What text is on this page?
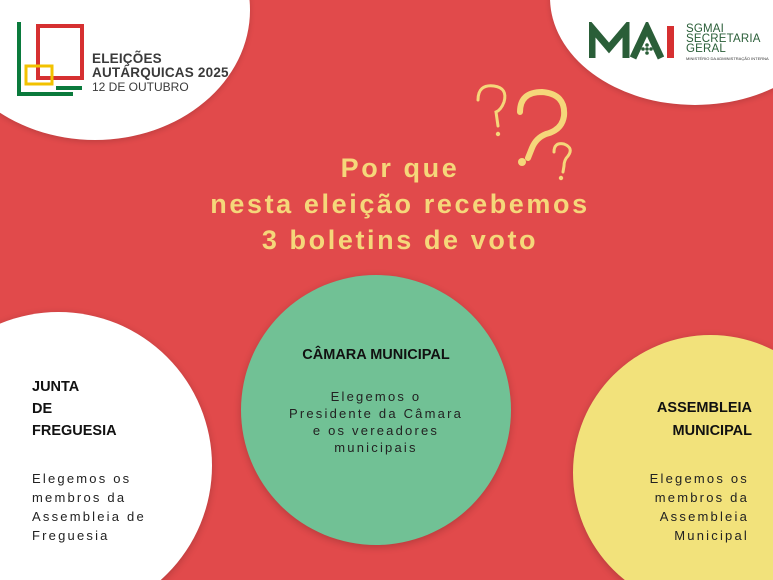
ELEIÇÕES
AUTÁRQUICAS 2025
12 DE OUTUBRO
SGMAI
SECRETARIA
GERAL
MINISTÉRIO DA ADMINISTRAÇÃO INTERNA
Por que
nesta eleição recebemos
3 boletins de voto
JUNTA
DE
FREGUESIA
Elegemos os
membros da
Assembleia de
Freguesia
CÂMARA MUNICIPAL
Elegemos o
Presidente da Câmara
e os vereadores
municipais
ASSEMBLEIA
MUNICIPAL
Elegemos os
membros da
Assembleia
Municipal
